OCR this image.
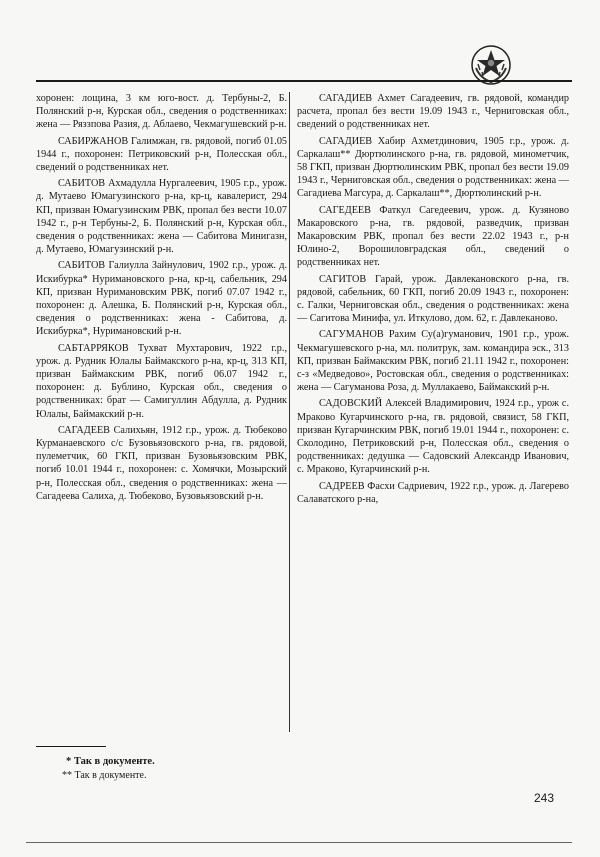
хоронен: лощина, 3 км юго-вост. д. Тербуны-2, Б. Полянский р-н, Курская обл., сведения о родственниках: жена — Ряззпова Разия, д. Аблаево, Чекмагушевский р-н.
САБИРЖАНОВ Галимжан, гв. рядовой, погиб 01.05 1944 г., похоронен: Петриковский р-н, Полесская обл., сведений о родственниках нет.
САБИТОВ Ахмадулла Нургалеевич, 1905 г.р., урож. д. Мутаево Юмагузинского р-на, кр-ц, кавалерист, 294 КП, призван Юмагузинским РВК, пропал без вести 10.07 1942 г., р-н Тербуны-2, Б. Полянский р-н, Курская обл., сведения о родственниках: жена — Сабитова Минигазн, д. Мутаево, Юмагузинский р-н.
САБИТОВ Галиулла Зайнулович, 1902 г.р., урож. д. Искибурка* Нуримановского р-на, кр-ц, сабельник, 294 КП, призван Нуримановским РВК, погиб 07.07 1942 г., похоронен: д. Алешка, Б. Полянский р-н, Курская обл., сведения о родственниках: жена - Сабитова, д. Искибурка*, Нуримановский р-н.
САБТАРРЯКОВ Тухват Мухтарович, 1922 г.р., урож. д. Рудник Юлалы Баймакского р-на, кр-ц, 313 КП, призван Баймакским РВК, погиб 06.07 1942 г., похоронен: д. Бублино, Курская обл., сведения о родственниках: брат — Самигуллин Абдулла, д. Рудник Юлалы, Баймакский р-н.
САГАДЕЕВ Салихьян, 1912 г.р., урож. д. Тюбеково Курманаевского с/с Бузовьязовского р-на, гв. рядовой, пулеметчик, 60 ГКП, призван Бузовьязовским РВК, погиб 10.01 1944 г., похоронен: с. Хомячки, Мозырский р-н, Полесская обл., сведения о родственниках: жена — Сагадеева Салиха, д. Тюбеково, Бузовьязовский р-н.
САГАДИЕВ Ахмет Сагадеевич, гв. рядовой, командир расчета, пропал без вести 19.09 1943 г., Черниговская обл., сведений о родственниках нет.
САГАДИЕВ Хабир Ахметдинович, 1905 г.р., урож. д. Саркалаш** Дюртюлинского р-на, гв. рядовой, минометчик, 58 ГКП, призван Дюртюлинским РВК, пропал без вести 19.09 1943 г., Черниговская обл., сведения о родственниках: жена — Сагадиева Магсура, д. Саркалаш**, Дюртюлинский р-н.
САГЕДЕЕВ Фаткул Сагедеевич, урож. д. Кузяново Макаровского р-на, гв. рядовой, разведчик, призван Макаровским РВК, пропал без вести 22.02 1943 г., р-н Юлино-2, Ворошиловградская обл., сведений о родственниках нет.
САГИТОВ Гарай, урож. Давлекановского р-на, гв. рядовой, сабельник, 60 ГКП, погиб 20.09 1943 г., похоронен: с. Галки, Черниговская обл., сведения о родственниках: жена — Сагитова Минифа, ул. Иткулово, дом. 62, г. Давлеканово.
САГУМАНОВ Рахим Су(а)гуманович, 1901 г.р., урож. Чекмагушевского р-на, мл. политрук, зам. командира эск., 313 КП, призван Баймакским РВК, погиб 21.11 1942 г., похоронен: с-з «Медведово», Ростовская обл., сведения о родственниках: жена — Сагуманова Роза, д. Муллакаево, Баймакский р-н.
САДОВСКИЙ Алексей Владимирович, 1924 г.р., урож с. Мраково Кугарчинского р-на, гв. рядовой, связист, 58 ГКП, призван Кугарчинским РВК, погиб 19.01 1944 г., похоронен: с. Сколодино, Петриковский р-н, Полесская обл., сведения о родственниках: дедушка — Садовский Александр Иванович, с. Мраково, Кугарчинский р-н.
САДРЕЕВ Фасхи Садриевич, 1922 г.р., урож. д. Лагерево Салаватского р-на,
* Так в документе.
** Так в документе.
243
